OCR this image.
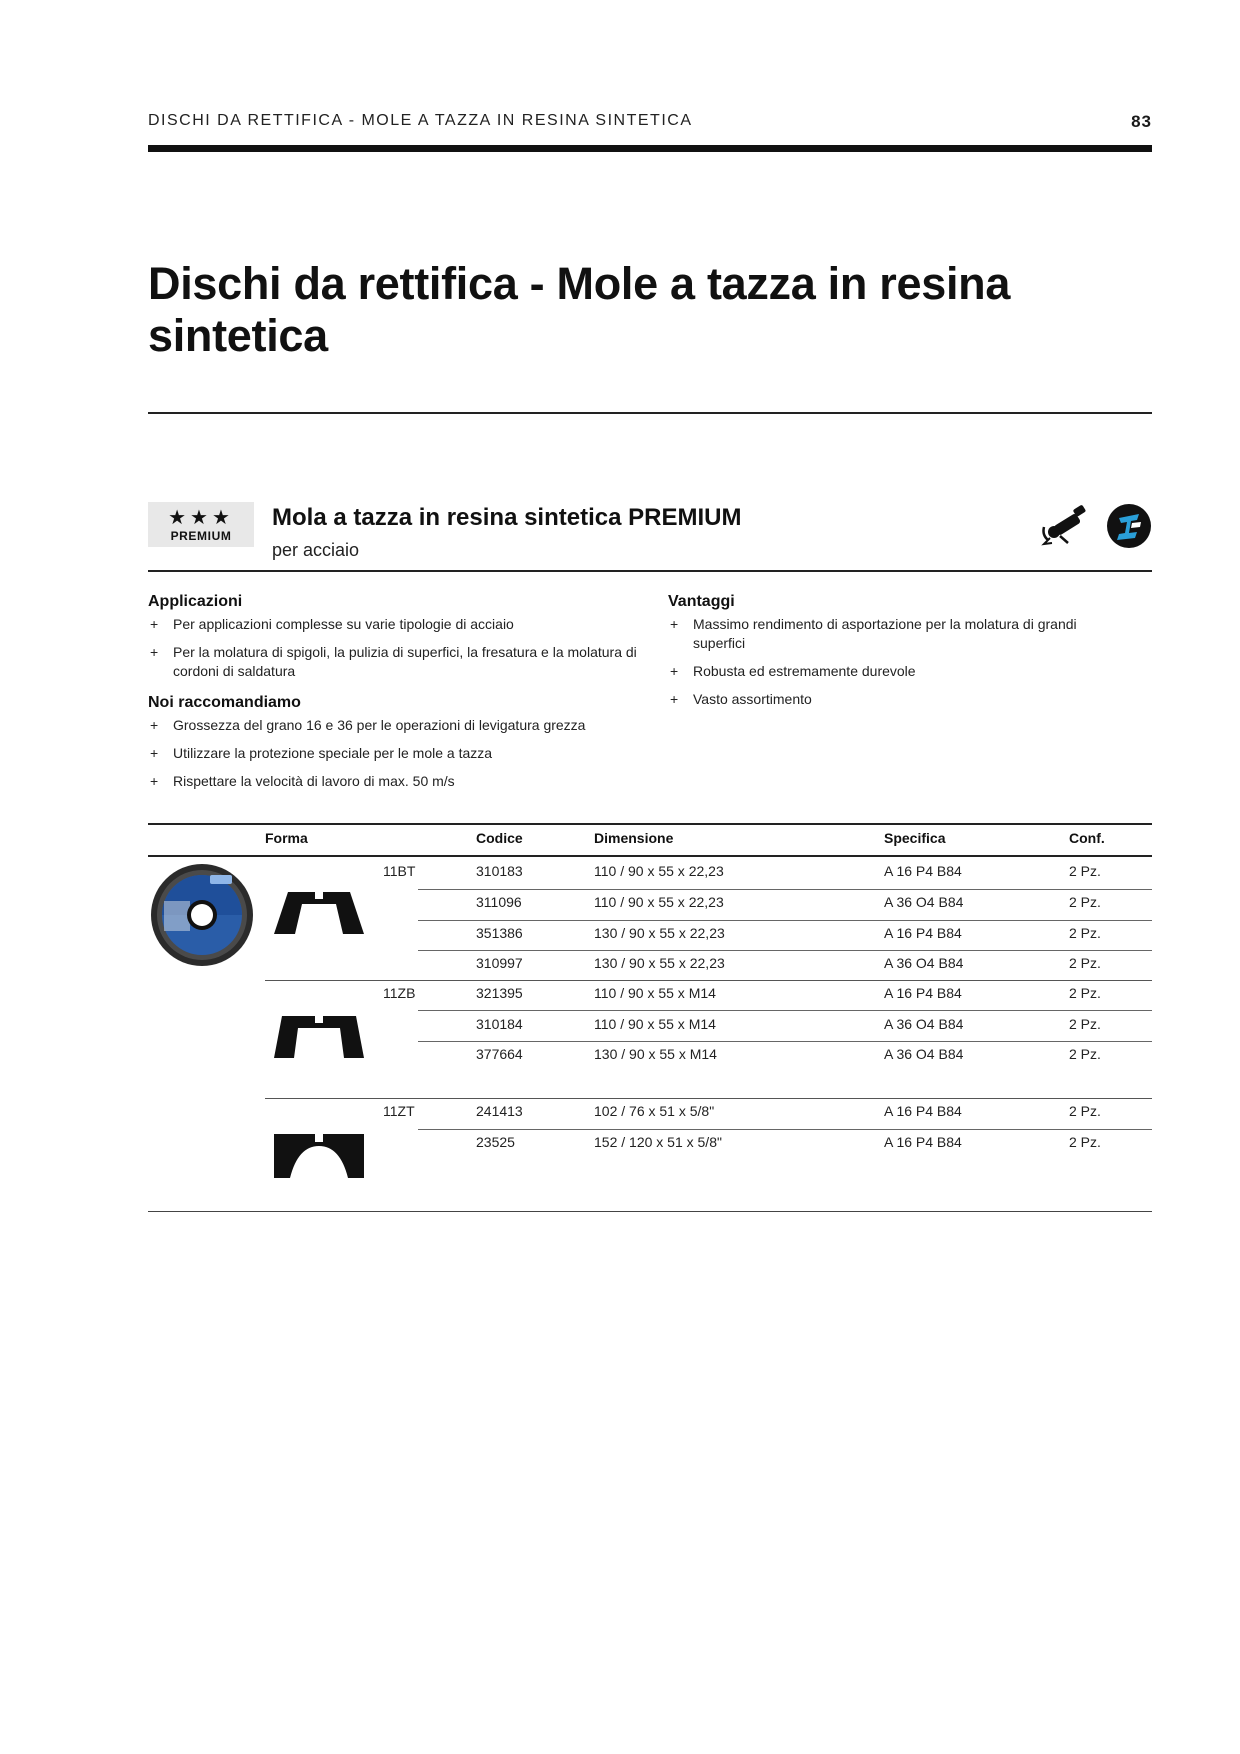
DISCHI DA RETTIFICA - MOLE A TAZZA IN RESINA SINTETICA	83
Dischi da rettifica - Mole a tazza in resina sintetica
★★★
PREMIUM
Mola a tazza in resina sintetica PREMIUM
per acciaio
Applicazioni
+ Per applicazioni complesse su varie tipologie di acciaio
+ Per la molatura di spigoli, la pulizia di superfici, la fresatura e la molatura di cordoni di saldatura
Noi raccomandiamo
+ Grossezza del grano 16 e 36 per le operazioni di levigatura grezza
+ Utilizzare la protezione speciale per le mole a tazza
+ Rispettare la velocità di lavoro di max. 50 m/s
Vantaggi
+ Massimo rendimento di asportazione per la molatura di grandi superfici
+ Robusta ed estremamente durevole
+ Vasto assortimento
Forma	Codice	Dimensione	Specifica	Conf.
11BT	310183	110 / 90 x 55 x 22,23	A 16 P4 B84	2 Pz.
311096	110 / 90 x 55 x 22,23	A 36 O4 B84	2 Pz.
351386	130 / 90 x 55 x 22,23	A 16 P4 B84	2 Pz.
310997	130 / 90 x 55 x 22,23	A 36 O4 B84	2 Pz.
11ZB	321395	110 / 90 x 55 x M14	A 16 P4 B84	2 Pz.
310184	110 / 90 x 55 x M14	A 36 O4 B84	2 Pz.
377664	130 / 90 x 55 x M14	A 36 O4 B84	2 Pz.
11ZT	241413	102 / 76 x 51 x 5/8"	A 16 P4 B84	2 Pz.
23525	152 / 120 x 51 x 5/8"	A 16 P4 B84	2 Pz.
